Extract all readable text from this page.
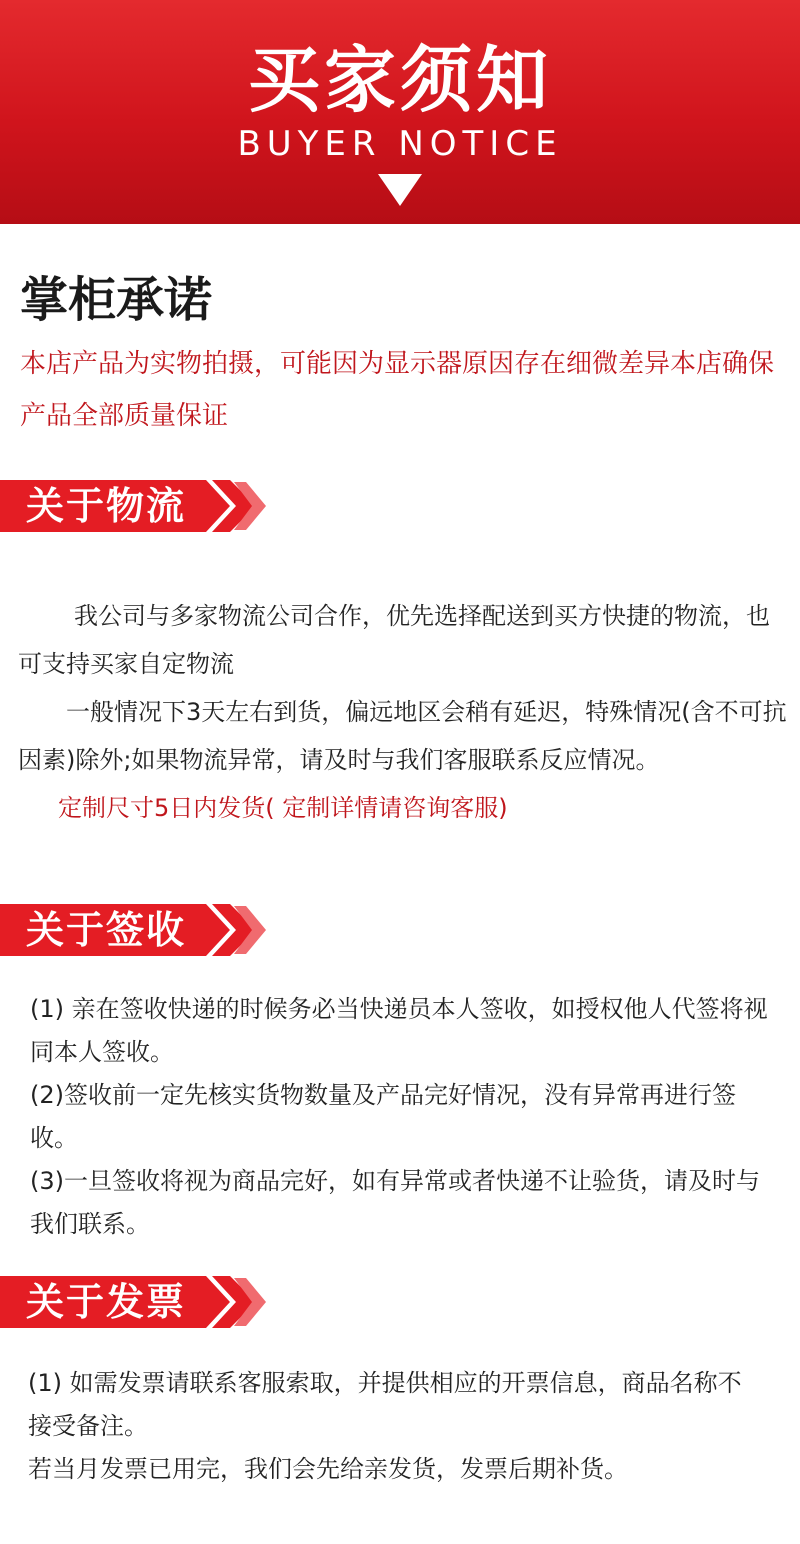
买家须知
BUYER NOTICE
掌柜承诺
本店产品为实物拍摄，可能因为显示器原因存在细微差异本店确保产品全部质量保证
关于物流
我公司与多家物流公司合作，优先选择配送到买方快捷的物流，也可支持买家自定物流
一般情况下3天左右到货，偏远地区会稍有延迟，特殊情况(含不可抗因素)除外;如果物流异常，请及时与我们客服联系反应情况。
定制尺寸5日内发货( 定制详情请咨询客服)
关于签收

(1) 亲在签收快递的时候务必当快递员本人签收，如授权他人代签将视同本人签收。

(2)签收前一定先核实货物数量及产品完好情况，没有异常再进行签收。

(3)一旦签收将视为商品完好，如有异常或者快递不让验货，请及时与我们联系。

关于发票

(1) 如需发票请联系客服索取，并提供相应的开票信息，商品名称不接受备注。

若当月发票已用完，我们会先给亲发货，发票后期补货。
